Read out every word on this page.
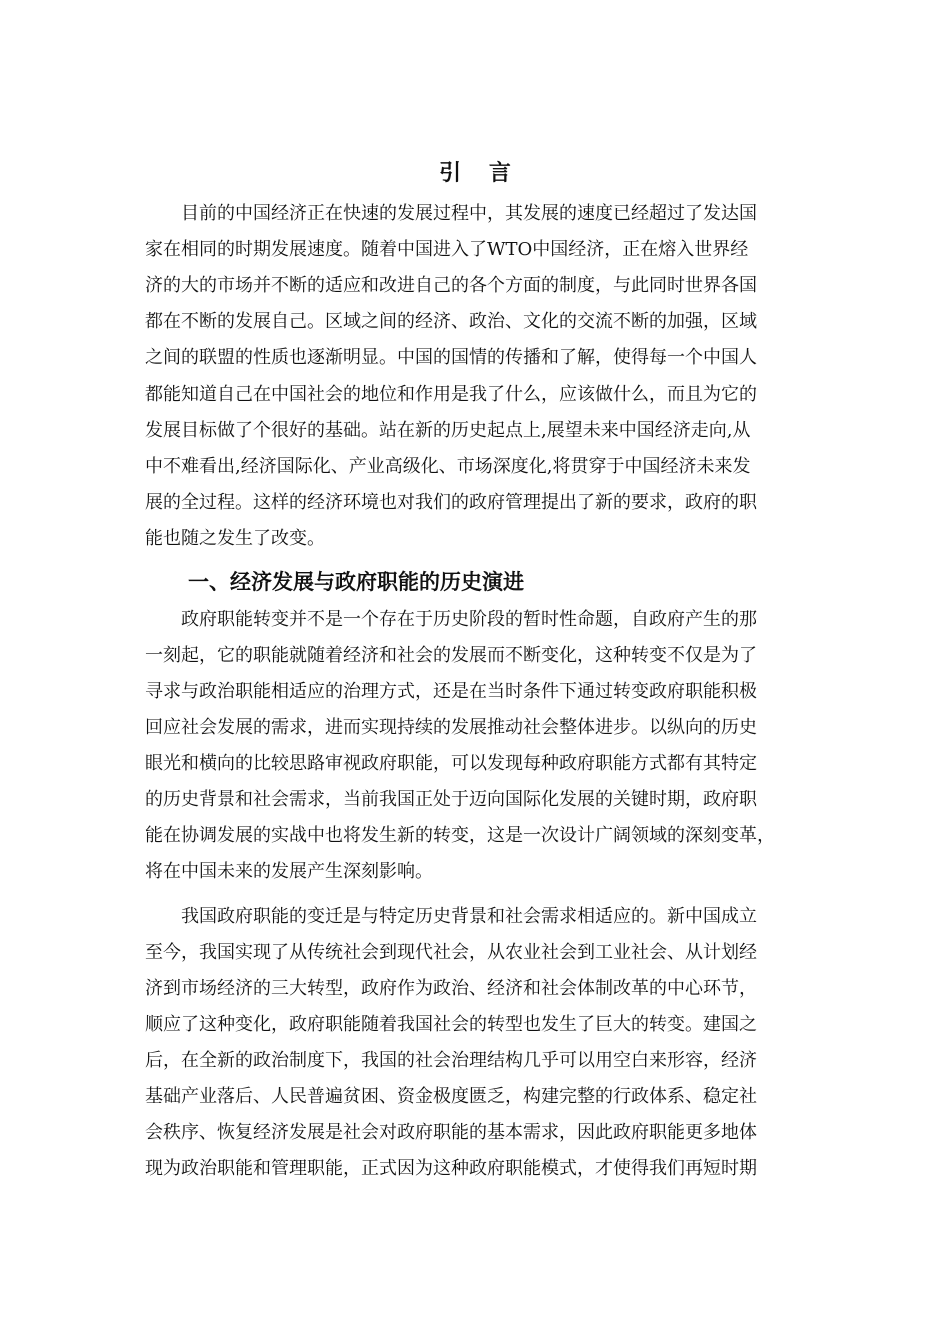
引 言

目前的中国经济正在快速的发展过程中，其发展的速度已经超过了发达国

家在相同的时期发展速度。随着中国进入了WTO中国经济，正在熔入世界经

济的大的市场并不断的适应和改进自己的各个方面的制度，与此同时世界各国

都在不断的发展自己。区域之间的经济、政治、文化的交流不断的加强，区域

之间的联盟的性质也逐渐明显。中国的国情的传播和了解，使得每一个中国人

都能知道自己在中国社会的地位和作用是我了什么，应该做什么，而且为它的

发展目标做了个很好的基础。站在新的历史起点上,展望未来中国经济走向,从

中不难看出,经济国际化、产业高级化、市场深度化,将贯穿于中国经济未来发

展的全过程。这样的经济环境也对我们的政府管理提出了新的要求，政府的职

能也随之发生了改变。

一、经济发展与政府职能的历史演进

政府职能转变并不是一个存在于历史阶段的暂时性命题，自政府产生的那

一刻起，它的职能就随着经济和社会的发展而不断变化，这种转变不仅是为了

寻求与政治职能相适应的治理方式，还是在当时条件下通过转变政府职能积极

回应社会发展的需求，进而实现持续的发展推动社会整体进步。以纵向的历史

眼光和横向的比较思路审视政府职能，可以发现每种政府职能方式都有其特定

的历史背景和社会需求，当前我国正处于迈向国际化发展的关键时期，政府职

能在协调发展的实战中也将发生新的转变，这是一次设计广阔领域的深刻变革，

将在中国未来的发展产生深刻影响。

我国政府职能的变迁是与特定历史背景和社会需求相适应的。新中国成立

至今，我国实现了从传统社会到现代社会，从农业社会到工业社会、从计划经

济到市场经济的三大转型，政府作为政治、经济和社会体制改革的中心环节，

顺应了这种变化，政府职能随着我国社会的转型也发生了巨大的转变。建国之

后，在全新的政治制度下，我国的社会治理结构几乎可以用空白来形容，经济

基础产业落后、人民普遍贫困、资金极度匮乏，构建完整的行政体系、稳定社

会秩序、恢复经济发展是社会对政府职能的基本需求，因此政府职能更多地体

现为政治职能和管理职能，正式因为这种政府职能模式，才使得我们再短时期
